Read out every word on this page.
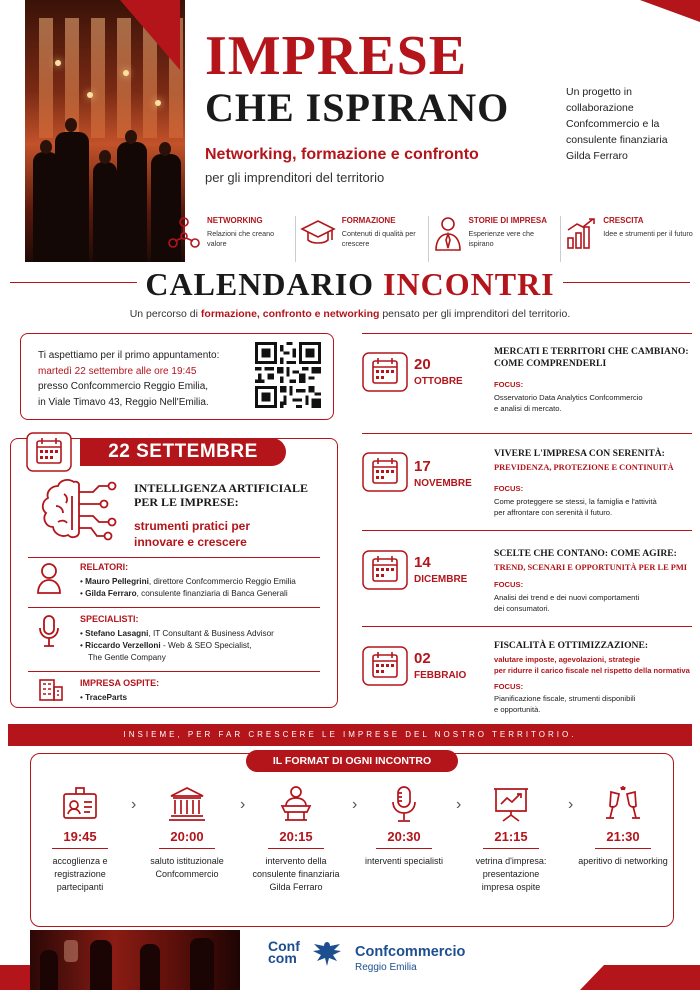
IMPRESE
CHE ISPIRANO
Networking, formazione e confronto
per gli imprenditori del territorio
Un progetto in collaborazione Confcommercio e la consulente finanziaria Gilda Ferraro
NETWORKING
Relazioni che creano valore
FORMAZIONE
Contenuti di qualità per crescere
STORIE DI IMPRESA
Esperienze vere che ispirano
CRESCITA
Idee e strumenti per il futuro
CALENDARIO INCONTRI
Un percorso di formazione, confronto e networking pensato per gli imprenditori del territorio.
Ti aspettiamo per il primo appuntamento:
martedì 22 settembre alle ore 19:45
presso Confcommercio Reggio Emilia,
in Viale Timavo 43, Reggio Nell'Emilia.
22 SETTEMBRE
INTELLIGENZA ARTIFICIALE
PER LE IMPRESE:
strumenti pratici per
innovare e crescere
RELATORI:
• Mauro Pellegrini, direttore Confcommercio Reggio Emilia
• Gilda Ferraro, consulente finanziaria di Banca Generali
SPECIALISTI:
• Stefano Lasagni, IT Consultant & Business Advisor
• Riccardo Verzelloni - Web & SEO Specialist,
The Gentle Company
IMPRESA OSPITE:
• TraceParts
20
OTTOBRE
MERCATI E TERRITORI CHE CAMBIANO:
COME COMPRENDERLI
FOCUS:
Osservatorio Data Analytics Confcommercio
e analisi di mercato.
17
NOVEMBRE
VIVERE L'IMPRESA CON SERENITÀ:
PREVIDENZA, PROTEZIONE E CONTINUITÀ
FOCUS:
Come proteggere se stessi, la famiglia e l'attività
per affrontare con serenità il futuro.
14
DICEMBRE
SCELTE CHE CONTANO: COME AGIRE:
TREND, SCENARI E OPPORTUNITÀ PER LE PMI
FOCUS:
Analisi dei trend e dei nuovi comportamenti
dei consumatori.
02
FEBBRAIO
FISCALITÀ E OTTIMIZZAZIONE:
valutare imposte, agevolazioni, strategie
per ridurre il carico fiscale nel rispetto della normativa
FOCUS:
Pianificazione fiscale, strumenti disponibili
e opportunità.
INSIEME, PER FAR CRESCERE LE IMPRESE DEL NOSTRO TERRITORIO.
IL FORMAT DI OGNI INCONTRO
19:45
accoglienza e registrazione partecipanti
›
20:00
saluto istituzionale Confcommercio
›
20:15
intervento della consulente finanziaria Gilda Ferraro
›
20:30
interventi specialisti
›
21:15
vetrina d'impresa: presentazione impresa ospite
›
21:30
aperitivo di networking
Conf
com	Confcommercio
Reggio Emilia
